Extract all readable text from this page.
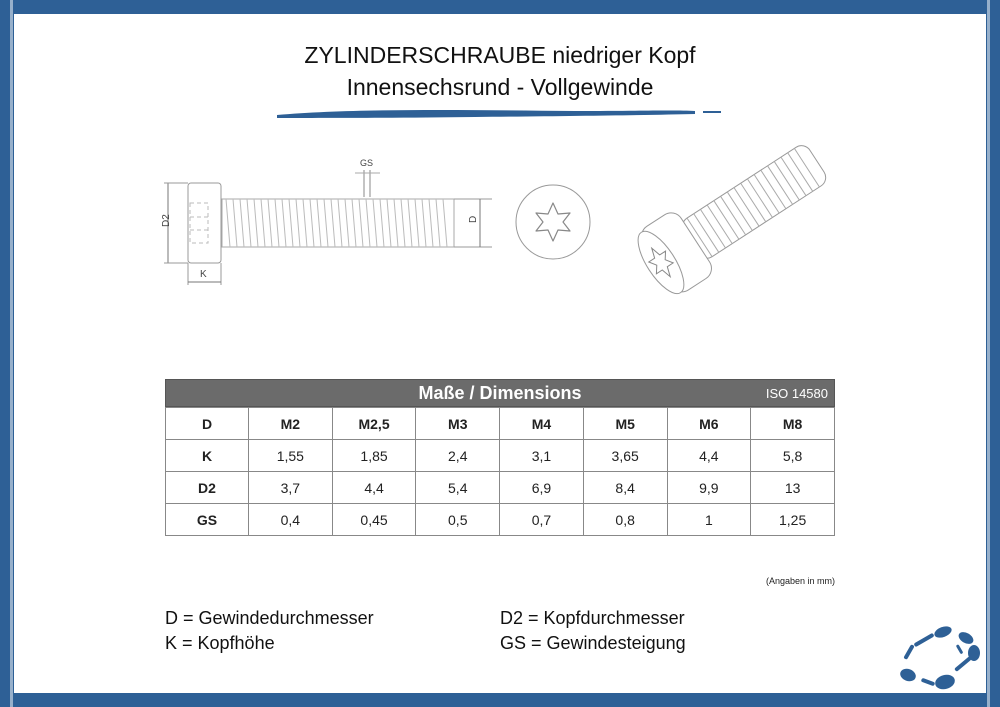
ZYLINDERSCHRAUBE niedriger Kopf
Innensechsrund - Vollgewinde
D2
GS
D
K
Maße / Dimensions	ISO 14580
D	M2	M2,5	M3	M4	M5	M6	M8
K	1,55	1,85	2,4	3,1	3,65	4,4	5,8
D2	3,7	4,4	5,4	6,9	8,4	9,9	13
GS	0,4	0,45	0,5	0,7	0,8	1	1,25
(Angaben in mm)
D = Gewindedurchmesser	D2 = Kopfdurchmesser
K = Kopfhöhe	GS = Gewindesteigung
